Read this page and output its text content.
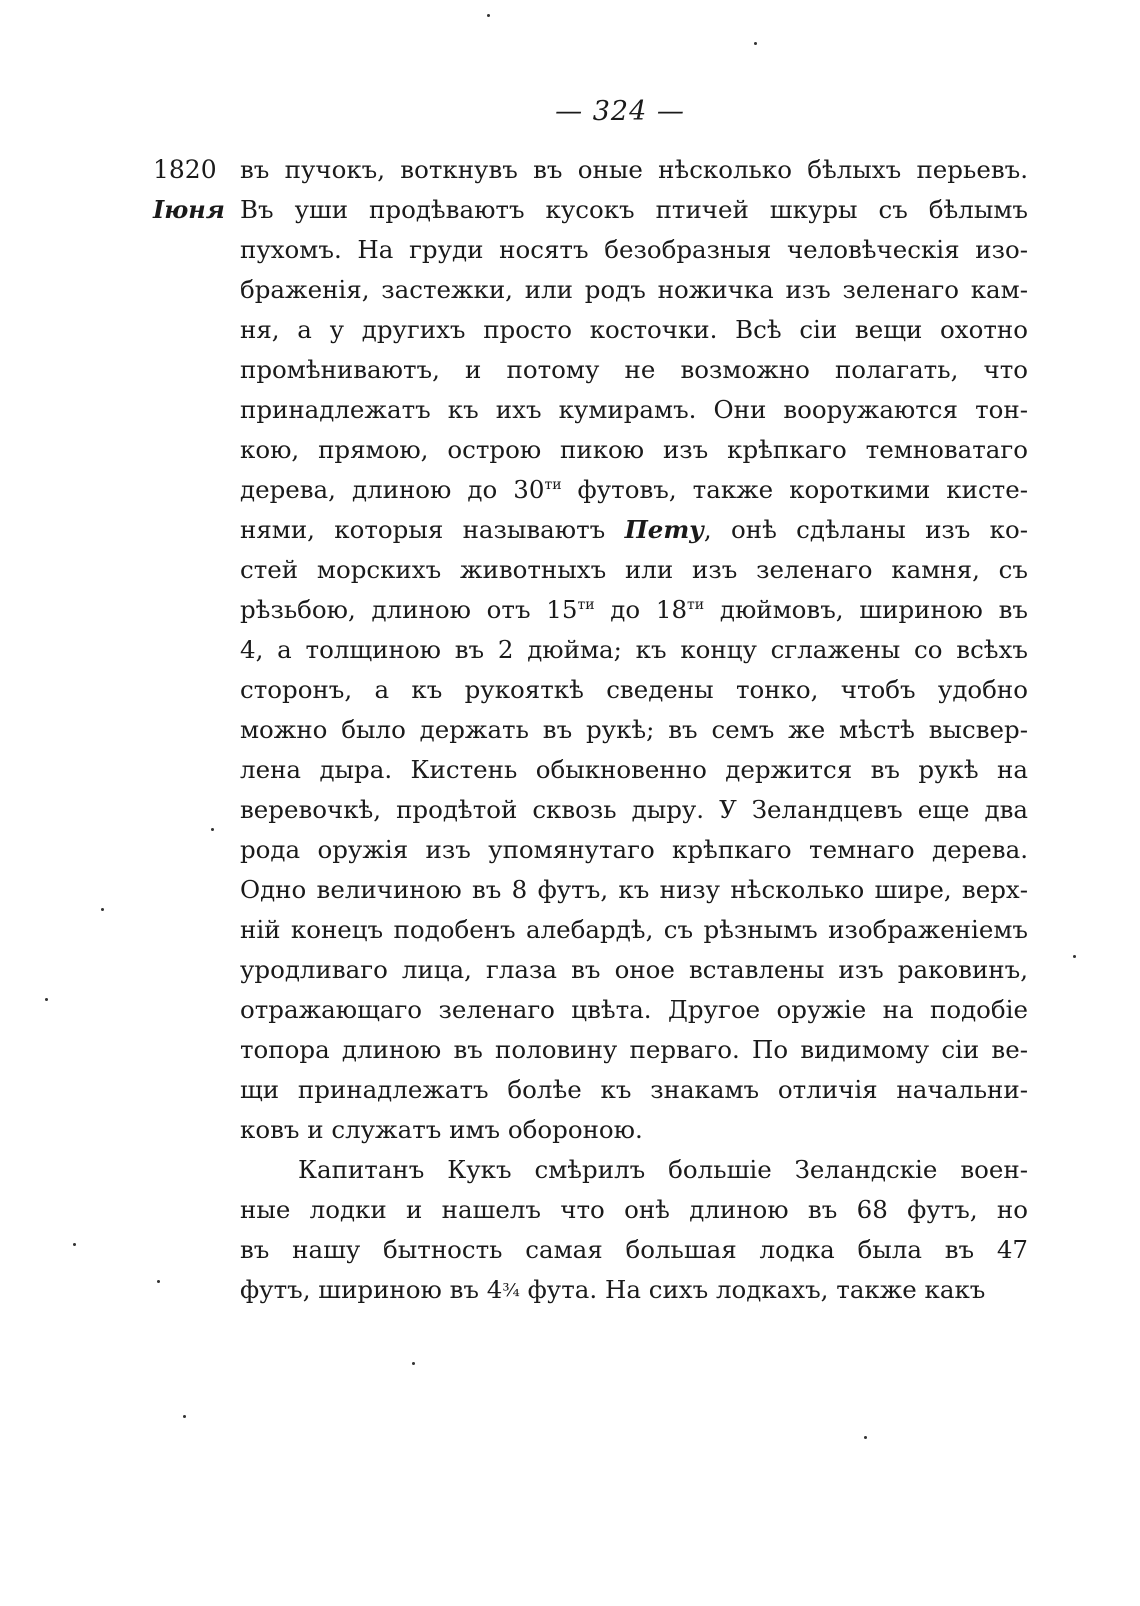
— 324 —
1820
Іюня
въ пучокъ, воткнувъ въ оные нѣсколько бѣлыхъ перьевъ.
Въ уши продѣваютъ кусокъ птичей шкуры съ бѣлымъ
пухомъ. На груди носятъ безобразныя человѣческія изо-
браженія, застежки, или родъ ножичка изъ зеленаго кам-
ня, а у другихъ просто косточки. Всѣ сіи вещи охотно
промѣниваютъ, и потому не возможно полагать, что
принадлежатъ къ ихъ кумирамъ. Они вооружаются тон-
кою, прямою, острою пикою изъ крѣпкаго темноватаго
дерева, длиною до $30^{ти}$ футовъ, также короткими кисте-
нями, которыя называютъ Пету, онѣ сдѣланы изъ ко-
стей морскихъ животныхъ или изъ зеленаго камня, съ
рѣзьбою, длиною отъ $15^{ти}$ до $18^{ти}$ дюймовъ, шириною въ
4, а толщиною въ 2 дюйма; къ концу сглажены со всѣхъ
сторонъ, а къ рукояткѣ сведены тонко, чтобъ удобно
можно было держать въ рукѣ; въ семъ же мѣстѣ высвер-
лена дыра. Кистень обыкновенно держится въ рукѣ на
веревочкѣ, продѣтой сквозь дыру. У Зеландцевъ еще два
рода оружія изъ упомянутаго крѣпкаго темнаго дерева.
Одно величиною въ 8 футъ, къ низу нѣсколько шире, верх-
ній конецъ подобенъ алебардѣ, съ рѣзнымъ изображеніемъ
уродливаго лица, глаза въ оное вставлены изъ раковинъ,
отражающаго зеленаго цвѣта. Другое оружіе на подобіе
топора длиною въ половину перваго. По видимому сіи ве-
щи принадлежатъ болѣе къ знакамъ отличія начальни-
ковъ и служатъ имъ обороною.
Капитанъ Кукъ смѣрилъ большіе Зеландскіе воен-
ные лодки и нашелъ что онѣ длиною въ 68 футъ, но
въ нашу бытность самая большая лодка была въ 47
футъ, шириною въ 4¾ фута. На сихъ лодкахъ, также какъ
